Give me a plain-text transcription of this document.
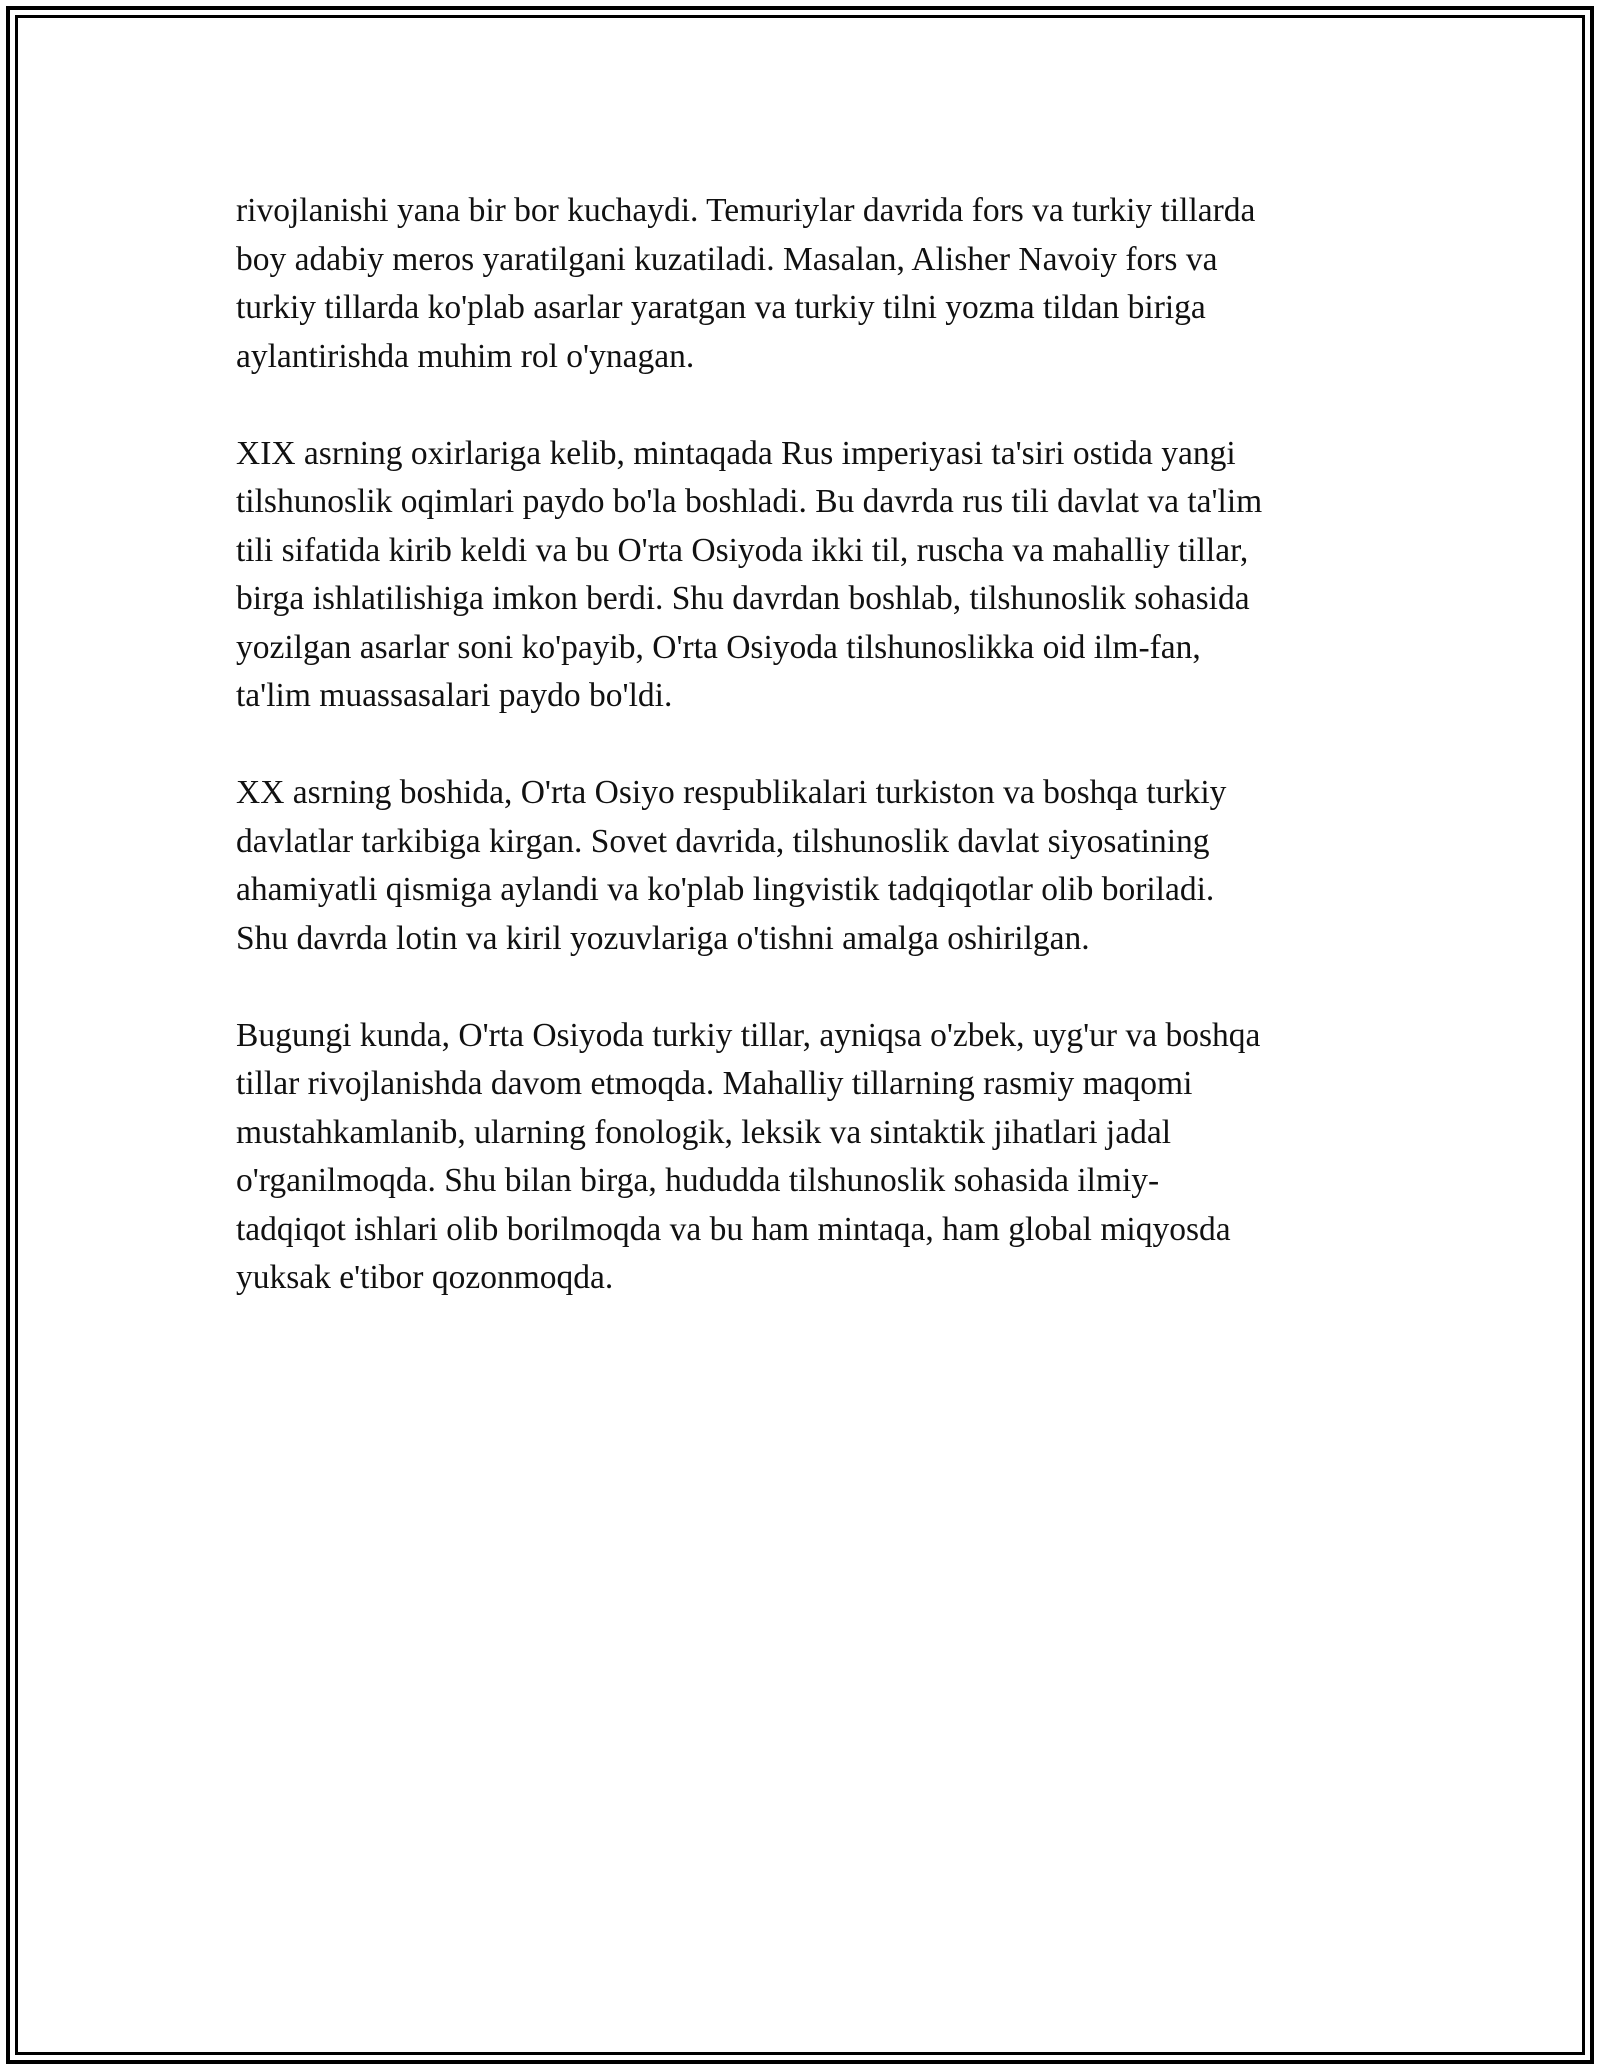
rivojlanishi yana bir bor kuchaydi. Temuriylar davrida fors va turkiy tillarda
boy adabiy meros yaratilgani kuzatiladi. Masalan, Alisher Navoiy fors va
turkiy tillarda ko'plab asarlar yaratgan va turkiy tilni yozma tildan biriga
aylantirishda muhim rol o'ynagan.

XIX asrning oxirlariga kelib, mintaqada Rus imperiyasi ta'siri ostida yangi
tilshunoslik oqimlari paydo bo'la boshladi. Bu davrda rus tili davlat va ta'lim
tili sifatida kirib keldi va bu O'rta Osiyoda ikki til, ruscha va mahalliy tillar,
birga ishlatilishiga imkon berdi. Shu davrdan boshlab, tilshunoslik sohasida
yozilgan asarlar soni ko'payib, O'rta Osiyoda tilshunoslikka oid ilm-fan,
ta'lim muassasalari paydo bo'ldi.

XX asrning boshida, O'rta Osiyo respublikalari turkiston va boshqa turkiy
davlatlar tarkibiga kirgan. Sovet davrida, tilshunoslik davlat siyosatining
ahamiyatli qismiga aylandi va ko'plab lingvistik tadqiqotlar olib boriladi.
Shu davrda lotin va kiril yozuvlariga o'tishni amalga oshirilgan.

Bugungi kunda, O'rta Osiyoda turkiy tillar, ayniqsa o'zbek, uyg'ur va boshqa
tillar rivojlanishda davom etmoqda. Mahalliy tillarning rasmiy maqomi
mustahkamlanib, ularning fonologik, leksik va sintaktik jihatlari jadal
o'rganilmoqda. Shu bilan birga, hududda tilshunoslik sohasida ilmiy-
tadqiqot ishlari olib borilmoqda va bu ham mintaqa, ham global miqyosda
yuksak e'tibor qozonmoqda.
